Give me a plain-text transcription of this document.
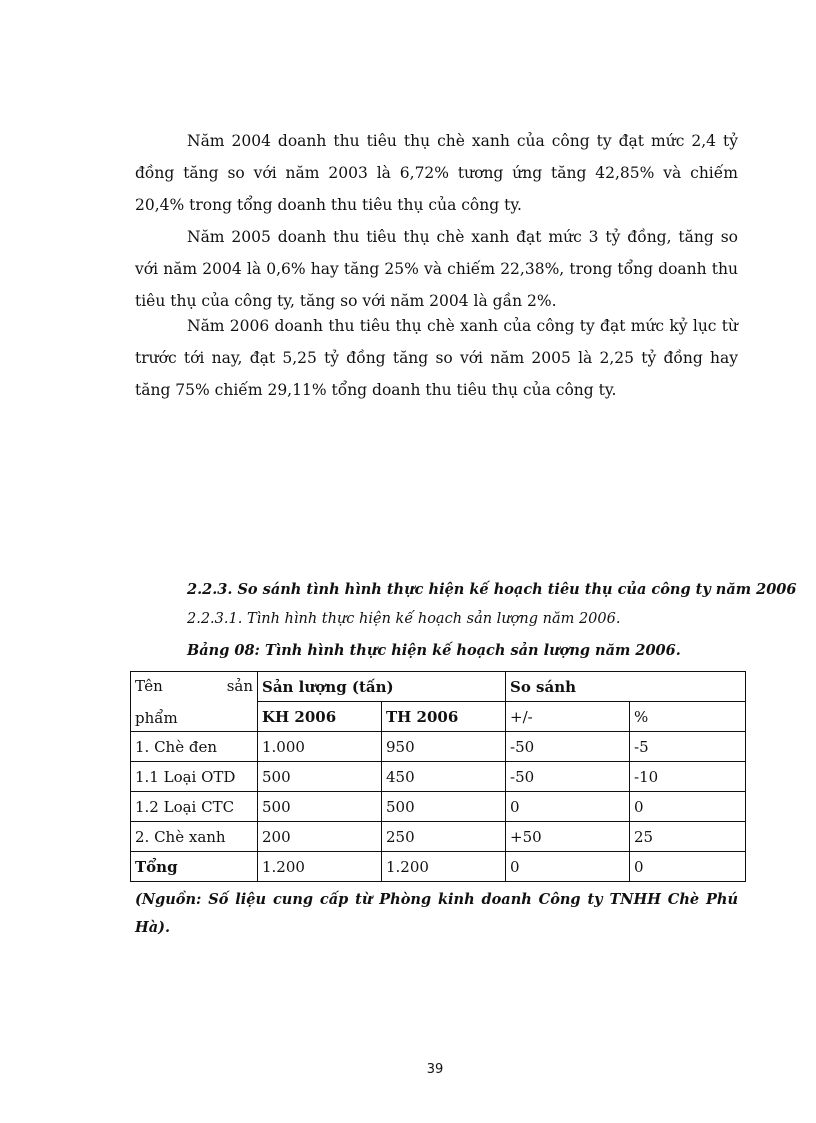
Năm 2004 doanh thu tiêu thụ chè xanh của công ty đạt mức 2,4 tỷ đồng tăng so với năm 2003 là 6,72% tương ứng tăng 42,85% và chiếm 20,4% trong tổng doanh thu tiêu thụ của công ty.

Năm 2005 doanh thu tiêu thụ chè xanh đạt mức 3 tỷ đồng, tăng so với năm 2004 là 0,6% hay tăng 25% và chiếm 22,38%, trong tổng doanh thu tiêu thụ của công ty, tăng so với năm 2004 là gần 2%.

Năm 2006 doanh thu tiêu thụ chè xanh của công ty đạt mức kỷ lục từ trước tới nay, đạt 5,25 tỷ đồng tăng so với năm 2005 là 2,25 tỷ đồng hay tăng 75% chiếm 29,11% tổng doanh thu tiêu thụ của công ty.

2.2.3. So sánh tình hình thực hiện kế hoạch tiêu thụ của công ty năm 2006

2.2.3.1. Tình hình thực hiện kế hoạch sản lượng năm 2006.

Bảng 08: Tình hình thực hiện kế hoạch sản lượng năm 2006.

Tên sản
phẩm	Sản lượng (tấn)		So sánh	
	KH 2006	TH 2006	+/-	%
1. Chè đen	1.000	950	-50	-5
1.1 Loại OTD	500	450	-50	-10
1.2 Loại CTC	500	500	0	0
2. Chè xanh	200	250	+50	25
Tổng	1.200	1.200	0	0

(Nguồn: Số liệu cung cấp từ Phòng kinh doanh Công ty TNHH Chè Phú Hà).

39
